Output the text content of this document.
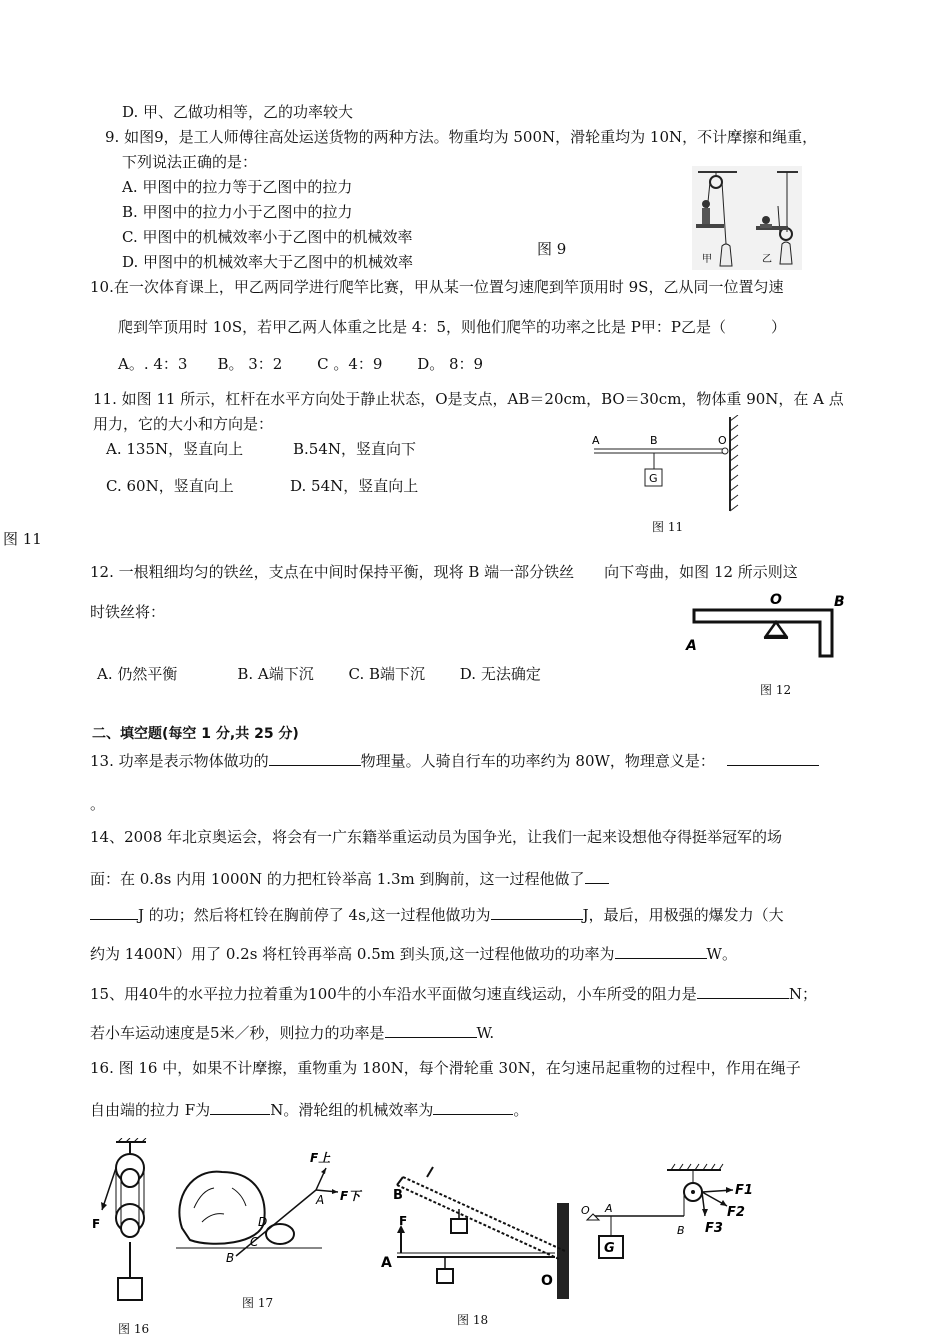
D. 甲、乙做功相等，乙的功率较大
9. 如图9，是工人师傅往高处运送货物的两种方法。物重均为 500N，滑轮重均为 10N，不计摩擦和绳重，
下列说法正确的是：
A. 甲图中的拉力等于乙图中的拉力
B. 甲图中的拉力小于乙图中的拉力
C. 甲图中的机械效率小于乙图中的机械效率
D. 甲图中的机械效率大于乙图中的机械效率
图 9
甲	乙
10.在一次体育课上，甲乙两同学进行爬竿比赛，甲从某一位置匀速爬到竿顶用时 9S，乙从同一位置匀速
爬到竿顶用时 10S，若甲乙两人体重之比是 4：5，则他们爬竿的功率之比是 P甲：P乙是（　　　）
A。. 4：3　　B。 3：2　　 C 。4：9　　 D。 8：9
11. 如图 11 所示，杠杆在水平方向处于静止状态，O是支点，AB＝20cm，BO＝30cm，物体重 90N，在 A 点
用力，它的大小和方向是：
A. 135N，竖直向上	B.54N，竖直向下
C. 60N，竖直向上	D. 54N，竖直向上
图 11
图 11
G
A	B	O
12. 一根粗细均匀的铁丝，支点在中间时保持平衡，现将 B 端一部分铁丝　　向下弯曲，如图 12 所示则这
时铁丝将：
A. 仍然平衡　　　　B. A端下沉　　 C. B端下沉　　 D. 无法确定
图 12
A
O	B
二、填空题(每空 1 分,共 25 分)
13. 功率是表示物体做功的	物理量。人骑自行车的功率约为 80W，物理意义是：
。
14、2008 年北京奥运会，将会有一广东籍举重运动员为国争光，让我们一起来设想他夺得挺举冠军的场
面：在 0.8s 内用 1000N 的力把杠铃举高 1.3m 到胸前，这一过程他做了
J 的功；然后将杠铃在胸前停了 4s,这一过程他做功为	J，最后，用极强的爆发力（大
约为 1400N）用了 0.2s 将杠铃再举高 0.5m 到头顶,这一过程他做功的功率为	W。
15、用40牛的水平拉力拉着重为100牛的小车沿水平面做匀速直线运动，小车所受的阻力是	N；
若小车运动速度是5米／秒，则拉力的功率是	W.
16. 图 16 中，如果不计摩擦，重物重为 180N，每个滑轮重 30N，在匀速吊起重物的过程中，作用在绳子
自由端的拉力 F为	N。滑轮组的机械效率为	。
F
图 16
F上
F下
A
B
C
D
图 17
B
F
A
O
图 18
G
O A
B
F1
F2
F3
